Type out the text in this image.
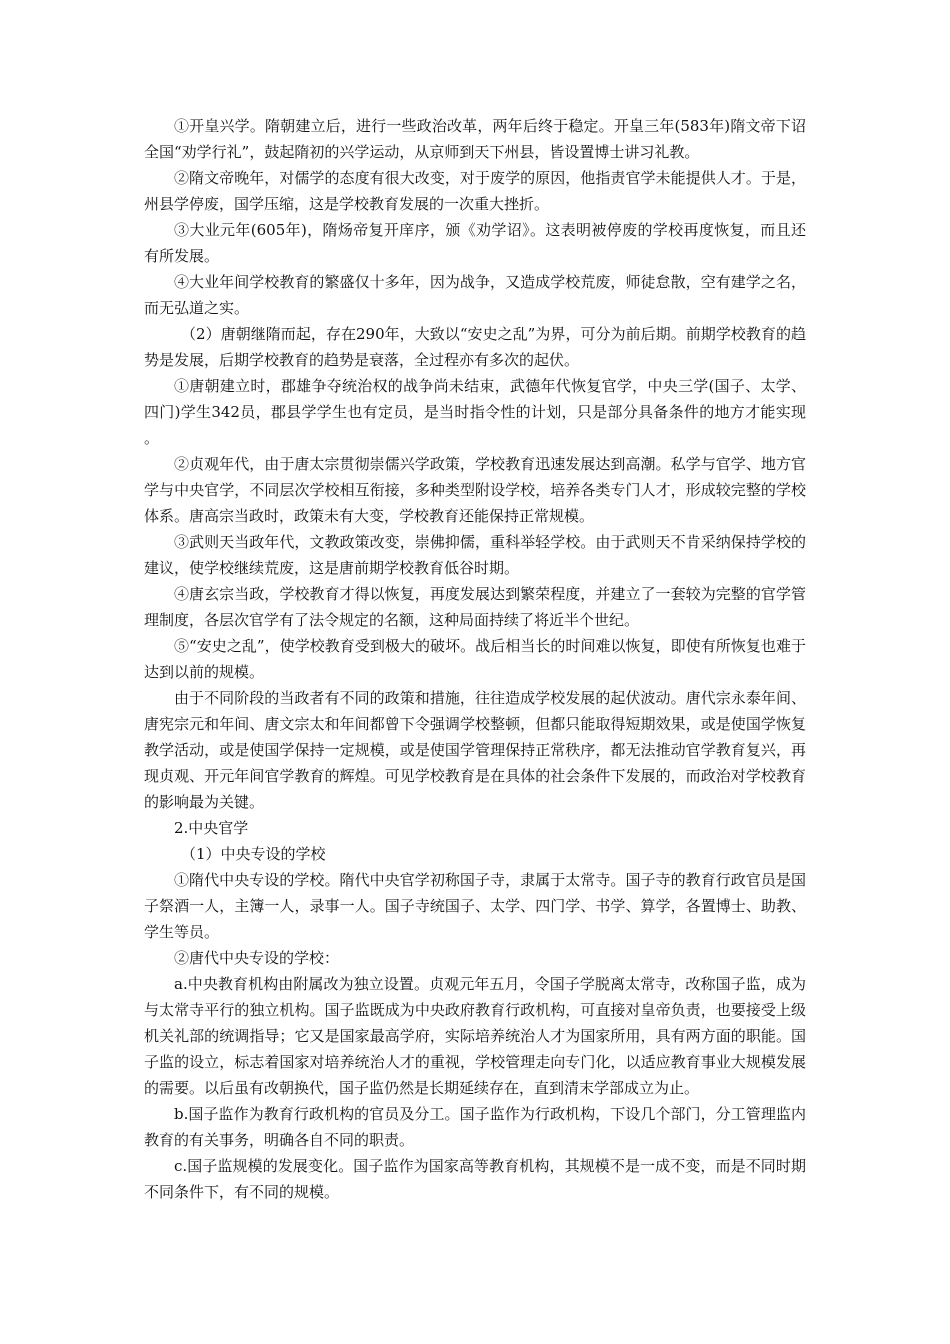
①开皇兴学。隋朝建立后，进行一些政治改革，两年后终于稳定。开皇三年(583年)隋文帝下诏全国“劝学行礼”，鼓起隋初的兴学运动，从京师到天下州县，皆设置博士讲习礼教。

②隋文帝晚年，对儒学的态度有很大改变，对于废学的原因，他指责官学未能提供人才。于是，州县学停废，国学压缩，这是学校教育发展的一次重大挫折。

③大业元年(605年)，隋炀帝复开庠序，颁《劝学诏》。这表明被停废的学校再度恢复，而且还有所发展。

④大业年间学校教育的繁盛仅十多年，因为战争，又造成学校荒废，师徒怠散，空有建学之名，而无弘道之实。

（2）唐朝继隋而起，存在290年，大致以“安史之乱”为界，可分为前后期。前期学校教育的趋势是发展，后期学校教育的趋势是衰落，全过程亦有多次的起伏。

①唐朝建立时，郡雄争夺统治权的战争尚未结束，武德年代恢复官学，中央三学(国子、太学、四门)学生342员，郡县学学生也有定员，是当时指令性的计划，只是部分具备条件的地方才能实现。

②贞观年代，由于唐太宗贯彻崇儒兴学政策，学校教育迅速发展达到高潮。私学与官学、地方官学与中央官学，不同层次学校相互衔接，多种类型附设学校，培养各类专门人才，形成较完整的学校体系。唐高宗当政时，政策未有大变，学校教育还能保持正常规模。

③武则天当政年代，文教政策改变，崇佛抑儒，重科举轻学校。由于武则天不肯采纳保持学校的建议，使学校继续荒废，这是唐前期学校教育低谷时期。

④唐玄宗当政，学校教育才得以恢复，再度发展达到繁荣程度，并建立了一套较为完整的官学管理制度，各层次官学有了法令规定的名额，这种局面持续了将近半个世纪。

⑤“安史之乱”，使学校教育受到极大的破坏。战后相当长的时间难以恢复，即使有所恢复也难于达到以前的规模。

由于不同阶段的当政者有不同的政策和措施，往往造成学校发展的起伏波动。唐代宗永泰年间、唐宪宗元和年间、唐文宗太和年间都曾下令强调学校整顿，但都只能取得短期效果，或是使国学恢复教学活动，或是使国学保持一定规模，或是使国学管理保持正常秩序，都无法推动官学教育复兴，再现贞观、开元年间官学教育的辉煌。可见学校教育是在具体的社会条件下发展的，而政治对学校教育的影响最为关键。

2.中央官学

（1）中央专设的学校

①隋代中央专设的学校。隋代中央官学初称国子寺，隶属于太常寺。国子寺的教育行政官员是国子祭酒一人，主簿一人，录事一人。国子寺统国子、太学、四门学、书学、算学，各置博士、助教、学生等员。

②唐代中央专设的学校：

a.中央教育机构由附属改为独立设置。贞观元年五月，令国子学脱离太常寺，改称国子监，成为与太常寺平行的独立机构。国子监既成为中央政府教育行政机构，可直接对皇帝负责，也要接受上级机关礼部的统调指导；它又是国家最高学府，实际培养统治人才为国家所用，具有两方面的职能。国子监的设立，标志着国家对培养统治人才的重视，学校管理走向专门化，以适应教育事业大规模发展的需要。以后虽有改朝换代，国子监仍然是长期延续存在，直到清末学部成立为止。

b.国子监作为教育行政机构的官员及分工。国子监作为行政机构，下设几个部门，分工管理监内教育的有关事务，明确各自不同的职责。

c.国子监规模的发展变化。国子监作为国家高等教育机构，其规模不是一成不变，而是不同时期不同条件下，有不同的规模。
